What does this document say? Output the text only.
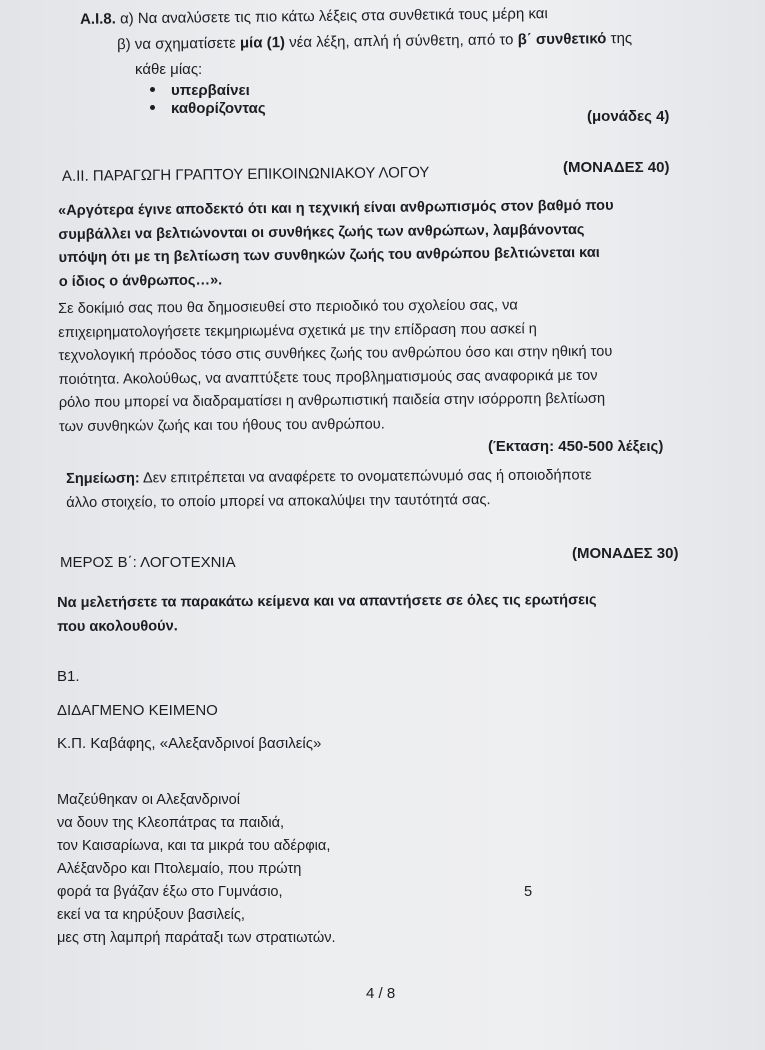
Α.Ι.8. α) Να αναλύσετε τις πιο κάτω λέξεις στα συνθετικά τους μέρη και
β) να σχηματίσετε μία (1) νέα λέξη, απλή ή σύνθετη, από το β΄ συνθετικό της
κάθε μίας:
υπερβαίνει
καθορίζοντας	(μονάδες 4)
Α.ΙΙ. ΠΑΡΑΓΩΓΗ ΓΡΑΠΤΟΥ ΕΠΙΚΟΙΝΩΝΙΑΚΟΥ ΛΟΓΟΥ	(ΜΟΝΑΔΕΣ 40)
«Αργότερα έγινε αποδεκτό ότι και η τεχνική είναι ανθρωπισμός στον βαθμό που
συμβάλλει να βελτιώνονται οι συνθήκες ζωής των ανθρώπων, λαμβάνοντας
υπόψη ότι με τη βελτίωση των συνθηκών ζωής του ανθρώπου βελτιώνεται και
ο ίδιος ο άνθρωπος…».
Σε δοκίμιό σας που θα δημοσιευθεί στο περιοδικό του σχολείου σας, να
επιχειρηματολογήσετε τεκμηριωμένα σχετικά με την επίδραση που ασκεί η
τεχνολογική πρόοδος τόσο στις συνθήκες ζωής του ανθρώπου όσο και στην ηθική του
ποιότητα. Ακολούθως, να αναπτύξετε τους προβληματισμούς σας αναφορικά με τον
ρόλο που μπορεί να διαδραματίσει η ανθρωπιστική παιδεία στην ισόρροπη βελτίωση
των συνθηκών ζωής και του ήθους του ανθρώπου.
(Έκταση: 450-500 λέξεις)
Σημείωση: Δεν επιτρέπεται να αναφέρετε το ονοματεπώνυμό σας ή οποιοδήποτε
άλλο στοιχείο, το οποίο μπορεί να αποκαλύψει την ταυτότητά σας.
ΜΕΡΟΣ Β΄: ΛΟΓΟΤΕΧΝΙΑ
(ΜΟΝΑΔΕΣ 30)
Να μελετήσετε τα παρακάτω κείμενα και να απαντήσετε σε όλες τις ερωτήσεις
που ακολουθούν.
Β1.
ΔΙΔΑΓΜΕΝΟ ΚΕΙΜΕΝΟ
Κ.Π. Καβάφης, «Αλεξανδρινοί βασιλείς»
Μαζεύθηκαν οι Αλεξανδρινοί
να δουν της Κλεοπάτρας τα παιδιά,
τον Καισαρίωνα, και τα μικρά του αδέρφια,
Αλέξανδρο και Πτολεμαίο, που πρώτη
φορά τα βγάζαν έξω στο Γυμνάσιο,
εκεί να τα κηρύξουν βασιλείς,
μες στη λαμπρή παράταξι των στρατιωτών.
5
4 / 8
